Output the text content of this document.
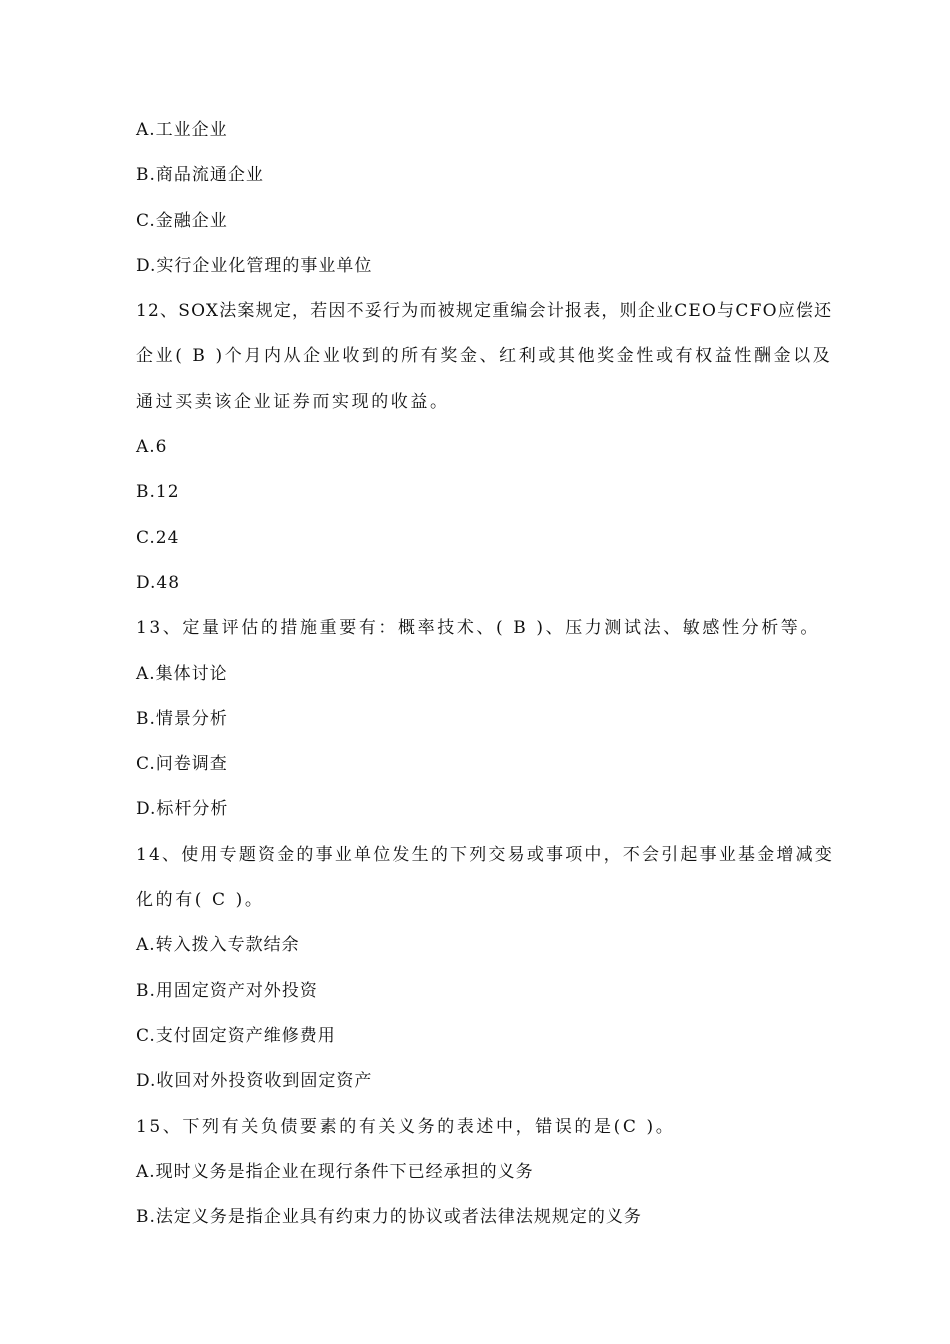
A.工业企业
B.商品流通企业
C.金融企业
D.实行企业化管理的事业单位
12、SOX法案规定，若因不妥行为而被规定重编会计报表，则企业CEO与CFO应偿还
企业( B )个月内从企业收到的所有奖金、红利或其他奖金性或有权益性酬金以及
通过买卖该企业证券而实现的收益。
A.6
B.12
C.24
D.48
13、定量评估的措施重要有：概率技术、( B )、压力测试法、敏感性分析等。
A.集体讨论
B.情景分析
C.问卷调查
D.标杆分析
14、使用专题资金的事业单位发生的下列交易或事项中，不会引起事业基金增减变
化的有( C )。
A.转入拨入专款结余
B.用固定资产对外投资
C.支付固定资产维修费用
D.收回对外投资收到固定资产
15、下列有关负债要素的有关义务的表述中，错误的是(C )。
A.现时义务是指企业在现行条件下已经承担的义务
B.法定义务是指企业具有约束力的协议或者法律法规规定的义务
